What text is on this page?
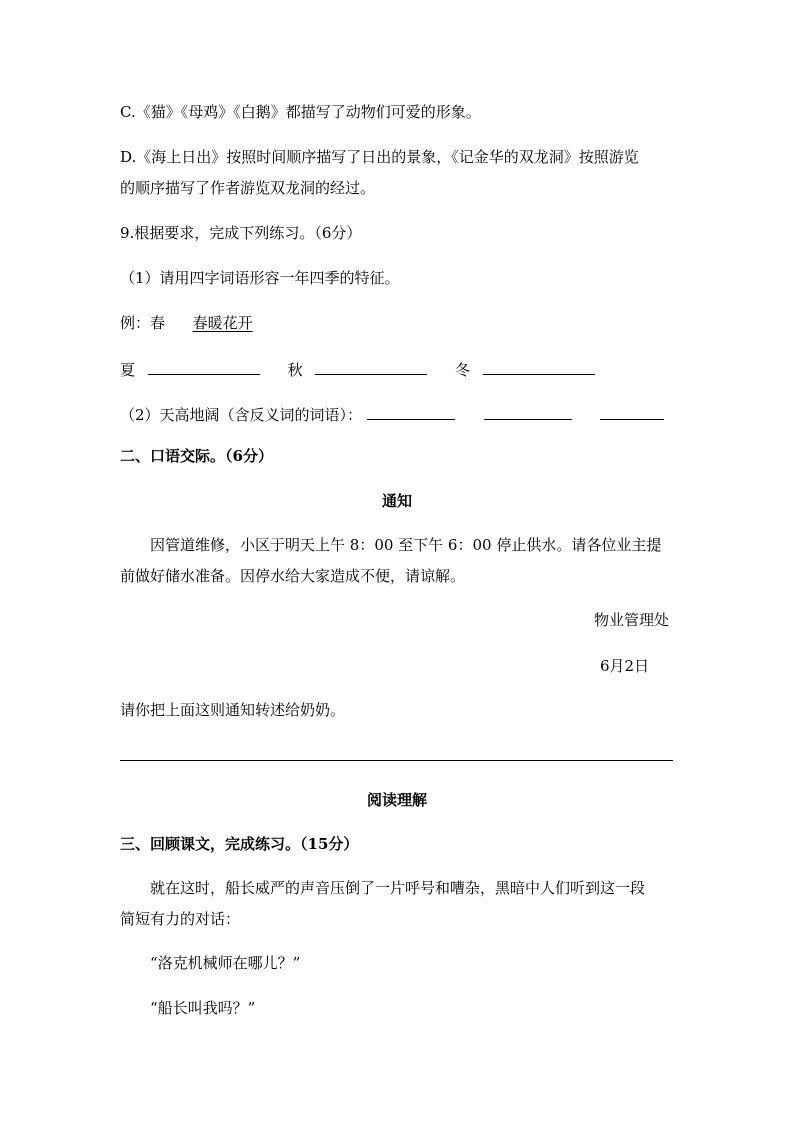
C.《猫》《母鸡》《白鹅》都描写了动物们可爱的形象。
D.《海上日出》按照时间顺序描写了日出的景象，《记金华的双龙洞》按照游览
的顺序描写了作者游览双龙洞的经过。
9.根据要求，完成下列练习。（6分）
（1）请用四字词语形容一年四季的特征。
例：春 春暖花开
夏	秋	冬
（2）天高地阔（含反义词的词语）：
二、口语交际。（6分）
通知
因管道维修，小区于明天上午 8：00 至下午 6：00 停止供水。请各位业主提
前做好储水准备。因停水给大家造成不便，请谅解。
物业管理处
6月2日
请你把上面这则通知转述给奶奶。
阅读理解
三、回顾课文，完成练习。（15分）
就在这时，船长威严的声音压倒了一片呼号和嘈杂，黑暗中人们听到这一段
简短有力的对话：
“洛克机械师在哪儿？”
“船长叫我吗？”
